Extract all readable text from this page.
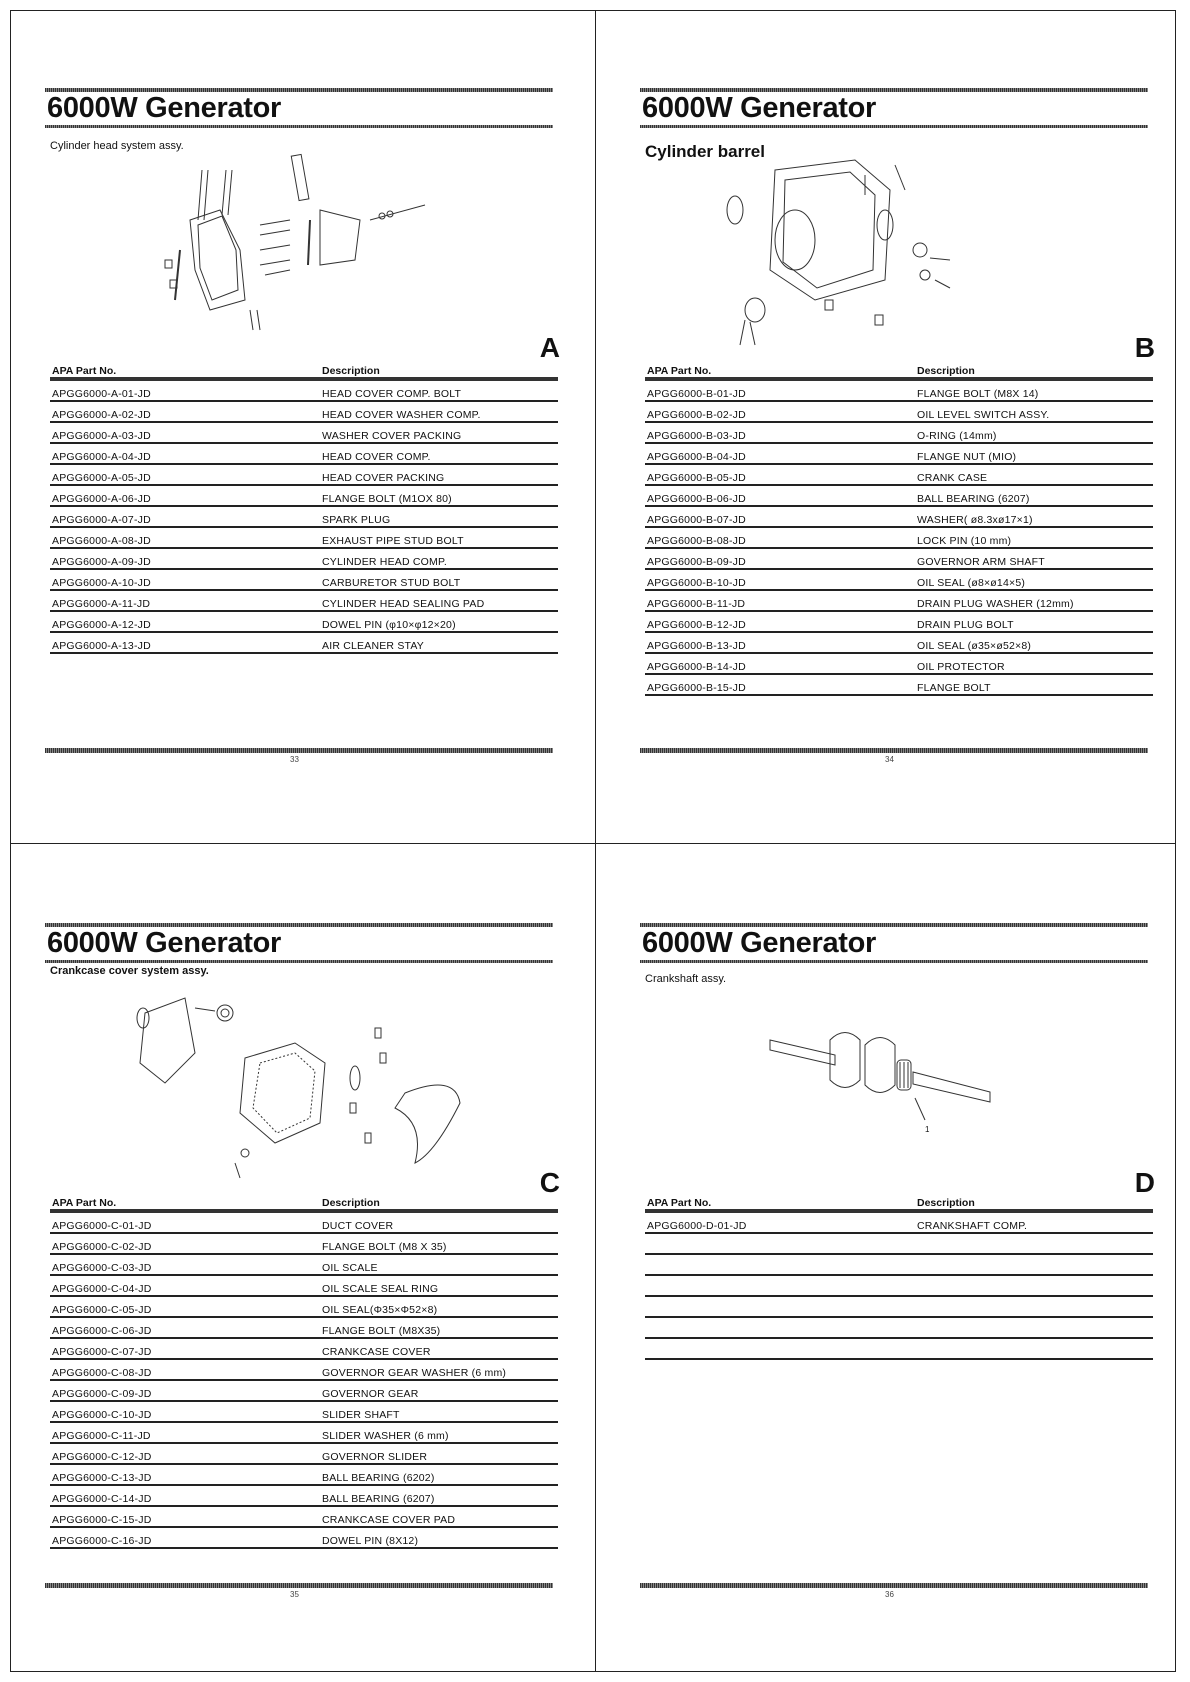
6000W Generator
Cylinder head system assy.
A
APA Part No.	Description
APGG6000-A-01-JD	HEAD COVER COMP. BOLT
APGG6000-A-02-JD	HEAD COVER WASHER COMP.
APGG6000-A-03-JD	WASHER COVER PACKING
APGG6000-A-04-JD	HEAD COVER COMP.
APGG6000-A-05-JD	HEAD COVER PACKING
APGG6000-A-06-JD	FLANGE BOLT (M1OX 80)
APGG6000-A-07-JD	SPARK PLUG
APGG6000-A-08-JD	EXHAUST PIPE STUD BOLT
APGG6000-A-09-JD	CYLINDER HEAD COMP.
APGG6000-A-10-JD	CARBURETOR STUD BOLT
APGG6000-A-11-JD	CYLINDER HEAD SEALING PAD
APGG6000-A-12-JD	DOWEL PIN (φ10×φ12×20)
APGG6000-A-13-JD	AIR CLEANER STAY
33
6000W Generator
Cylinder barrel
B
APA Part No.	Description
APGG6000-B-01-JD	FLANGE BOLT (M8X 14)
APGG6000-B-02-JD	OIL LEVEL SWITCH ASSY.
APGG6000-B-03-JD	O-RING (14mm)
APGG6000-B-04-JD	FLANGE NUT (MIO)
APGG6000-B-05-JD	CRANK CASE
APGG6000-B-06-JD	BALL BEARING (6207)
APGG6000-B-07-JD	WASHER( ø8.3xø17×1)
APGG6000-B-08-JD	LOCK PIN (10 mm)
APGG6000-B-09-JD	GOVERNOR ARM SHAFT
APGG6000-B-10-JD	OIL SEAL (ø8×ø14×5)
APGG6000-B-11-JD	DRAIN PLUG WASHER (12mm)
APGG6000-B-12-JD	DRAIN PLUG BOLT
APGG6000-B-13-JD	OIL SEAL (ø35×ø52×8)
APGG6000-B-14-JD	OIL PROTECTOR
APGG6000-B-15-JD	FLANGE BOLT
34
6000W Generator
Crankcase cover system assy.
C
APA Part No.	Description
APGG6000-C-01-JD	DUCT COVER
APGG6000-C-02-JD	FLANGE BOLT (M8 X 35)
APGG6000-C-03-JD	OIL SCALE
APGG6000-C-04-JD	OIL SCALE SEAL RING
APGG6000-C-05-JD	OIL SEAL(Φ35×Φ52×8)
APGG6000-C-06-JD	FLANGE BOLT (M8X35)
APGG6000-C-07-JD	CRANKCASE COVER
APGG6000-C-08-JD	GOVERNOR GEAR WASHER (6 mm)
APGG6000-C-09-JD	GOVERNOR GEAR
APGG6000-C-10-JD	SLIDER SHAFT
APGG6000-C-11-JD	SLIDER WASHER (6 mm)
APGG6000-C-12-JD	GOVERNOR SLIDER
APGG6000-C-13-JD	BALL BEARING (6202)
APGG6000-C-14-JD	BALL BEARING (6207)
APGG6000-C-15-JD	CRANKCASE COVER PAD
APGG6000-C-16-JD	DOWEL PIN (8X12)
35
6000W Generator
Crankshaft assy.
1
D
APA Part No.	Description
APGG6000-D-01-JD	CRANKSHAFT COMP.

36
